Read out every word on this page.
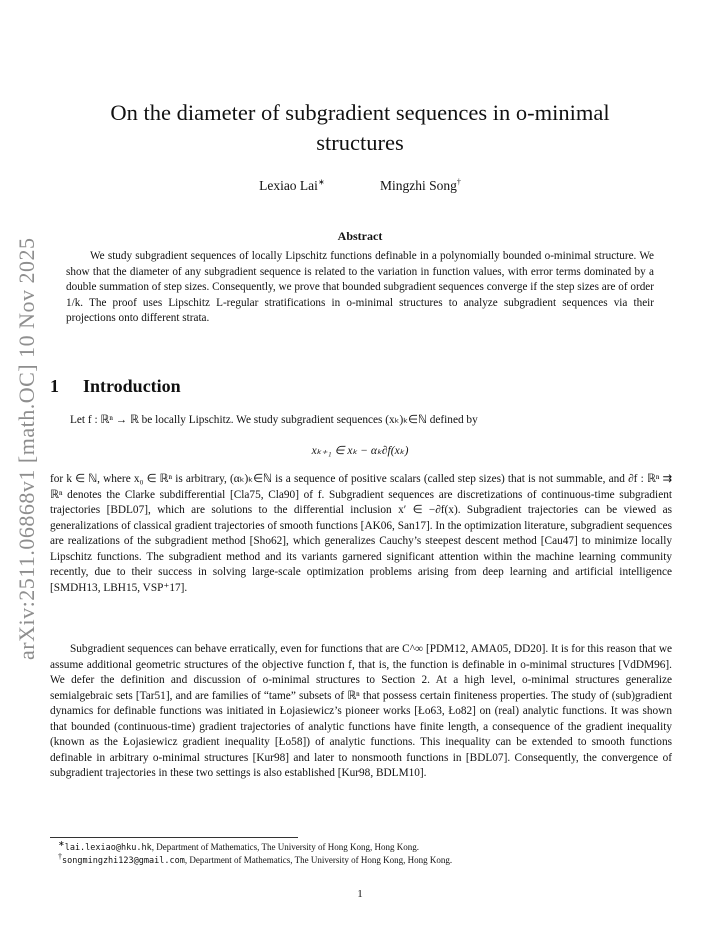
arXiv:2511.06868v1 [math.OC] 10 Nov 2025
On the diameter of subgradient sequences in o-minimal structures
Lexiao Lai∗	Mingzhi Song†
Abstract

We study subgradient sequences of locally Lipschitz functions definable in a polynomially bounded o-minimal structure. We show that the diameter of any subgradient sequence is related to the variation in function values, with error terms dominated by a double summation of step sizes. Consequently, we prove that bounded subgradient sequences converge if the step sizes are of order 1/k. The proof uses Lipschitz L-regular stratifications in o-minimal structures to analyze subgradient sequences via their projections onto different strata.

1 Introduction

Let f : ℝⁿ → ℝ be locally Lipschitz. We study subgradient sequences (xₖ)ₖ∈ℕ defined by

xₖ₊₁ ∈ xₖ − αₖ∂f(xₖ)

for k ∈ ℕ, where x₀ ∈ ℝⁿ is arbitrary, (αₖ)ₖ∈ℕ is a sequence of positive scalars (called step sizes) that is not summable, and ∂f : ℝⁿ ⇉ ℝⁿ denotes the Clarke subdifferential [Cla75, Cla90] of f. Subgradient sequences are discretizations of continuous-time subgradient trajectories [BDL07], which are solutions to the differential inclusion x′ ∈ −∂f(x). Subgradient trajectories can be viewed as generalizations of classical gradient trajectories of smooth functions [AK06, San17]. In the optimization literature, subgradient sequences are realizations of the subgradient method [Sho62], which generalizes Cauchy’s steepest descent method [Cau47] to minimize locally Lipschitz functions. The subgradient method and its variants garnered significant attention within the machine learning community recently, due to their success in solving large-scale optimization problems arising from deep learning and artificial intelligence [SMDH13, LBH15, VSP⁺17].

Subgradient sequences can behave erratically, even for functions that are C^∞ [PDM12, AMA05, DD20]. It is for this reason that we assume additional geometric structures of the objective function f, that is, the function is definable in o-minimal structures [VdDM96]. We defer the definition and discussion of o-minimal structures to Section 2. At a high level, o-minimal structures generalize semialgebraic sets [Tar51], and are families of “tame” subsets of ℝⁿ that possess certain finiteness properties. The study of (sub)gradient dynamics for definable functions was initiated in Łojasiewicz’s pioneer works [Ło63, Ło82] on (real) analytic functions. It was shown that bounded (continuous-time) gradient trajectories of analytic functions have finite length, a consequence of the gradient inequality (known as the Łojasiewicz gradient inequality [Ło58]) of analytic functions. This inequality can be extended to smooth functions definable in arbitrary o-minimal structures [Kur98] and later to nonsmooth functions in [BDL07]. Consequently, the convergence of subgradient trajectories in these two settings is also established [Kur98, BDLM10].

∗lai.lexiao@hku.hk, Department of Mathematics, The University of Hong Kong, Hong Kong.

†songmingzhi123@gmail.com, Department of Mathematics, The University of Hong Kong, Hong Kong.

1
